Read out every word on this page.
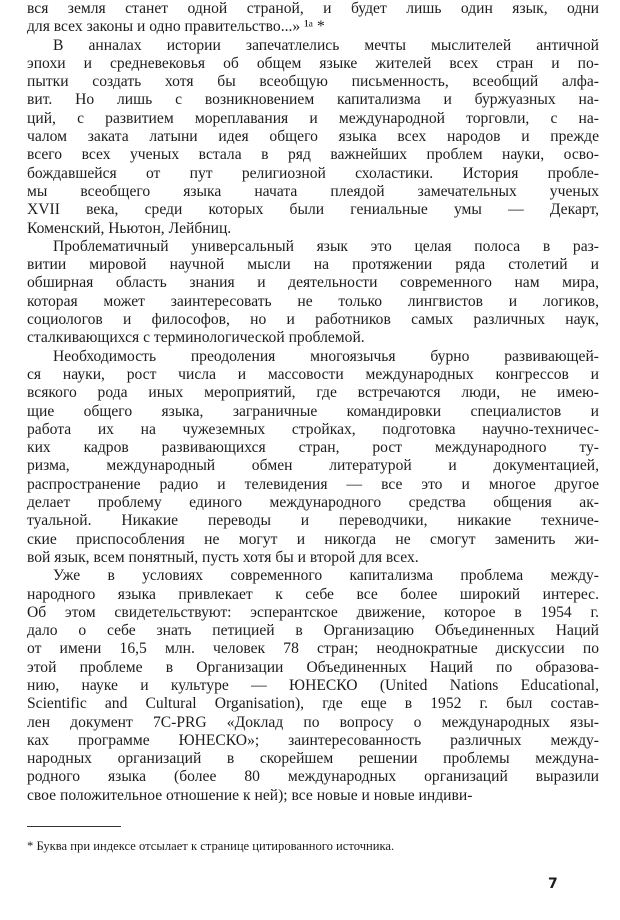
вся земля станет одной страной, и будет лишь один язык, одни
для всех законы и одно правительство...» ¹ᵃ *
В анналах истории запечатлелись мечты мыслителей античной
эпохи и средневековья об общем языке жителей всех стран и по-
пытки создать хотя бы всеобщую письменность, всеобщий алфа-
вит. Но лишь с возникновением капитализма и буржуазных на-
ций, с развитием мореплавания и международной торговли, с на-
чалом заката латыни идея общего языка всех народов и прежде
всего всех ученых встала в ряд важнейших проблем науки, осво-
бождавшейся от пут религиозной схоластики. История пробле-
мы всеобщего языка начата плеядой замечательных ученых
XVII века, среди которых были гениальные умы — Декарт,
Коменский, Ньютон, Лейбниц.
Проблематичный универсальный язык это целая полоса в раз-
витии мировой научной мысли на протяжении ряда столетий и
обширная область знания и деятельности современного нам мира,
которая может заинтересовать не только лингвистов и логиков,
социологов и философов, но и работников самых различных наук,
сталкивающихся с терминологической проблемой.
Необходимость преодоления многоязычья бурно развивающей-
ся науки, рост числа и массовости международных конгрессов и
всякого рода иных мероприятий, где встречаются люди, не имею-
щие общего языка, заграничные командировки специалистов и
работа их на чужеземных стройках, подготовка научно-техничес-
ких кадров развивающихся стран, рост международного ту-
ризма, международный обмен литературой и документацией,
распространение радио и телевидения — все это и многое другое
делает проблему единого международного средства общения ак-
туальной. Никакие переводы и переводчики, никакие техниче-
ские приспособления не могут и никогда не смогут заменить жи-
вой язык, всем понятный, пусть хотя бы и второй для всех.
Уже в условиях современного капитализма проблема между-
народного языка привлекает к себе все более широкий интерес.
Об этом свидетельствуют: эсперантское движение, которое в 1954 г.
дало о себе знать петицией в Организацию Объединенных Наций
от имени 16,5 млн. человек 78 стран; неоднократные дискуссии по
этой проблеме в Организации Объединенных Наций по образова-
нию, науке и культуре — ЮНЕСКО (United Nations Educational,
Scientific and Cultural Organisation), где еще в 1952 г. был состав-
лен документ 7C-PRG «Доклад по вопросу о международных язы-
ках программе ЮНЕСКО»; заинтересованность различных между-
народных организаций в скорейшем решении проблемы междуна-
родного языка (более 80 международных организаций выразили
свое положительное отношение к ней); все новые и новые индиви-
* Буква при индексе отсылает к странице цитированного источника.
7
